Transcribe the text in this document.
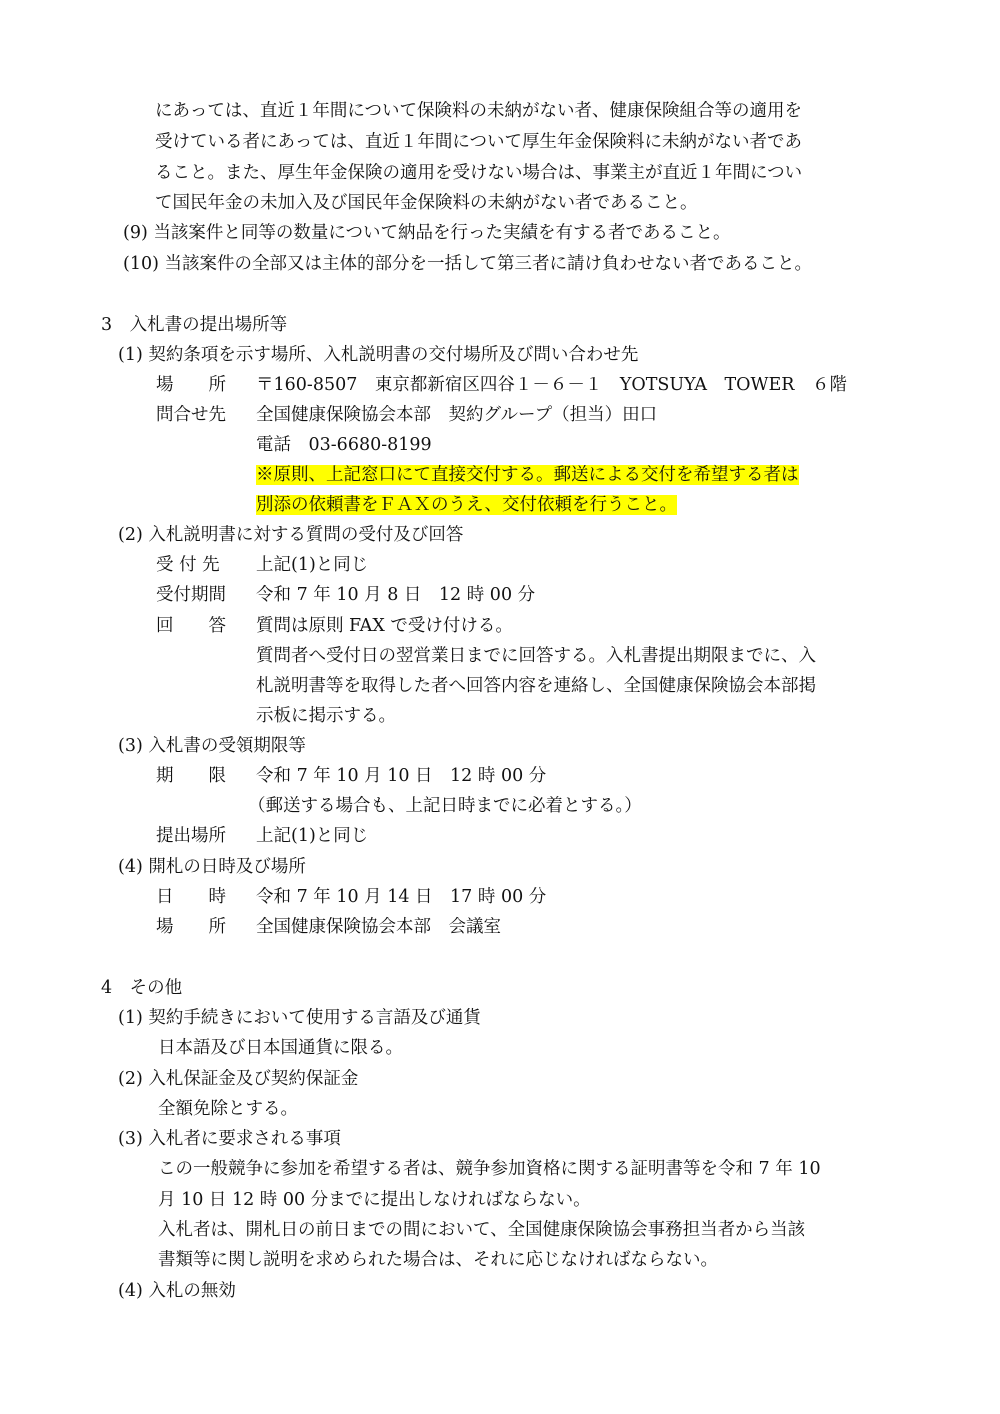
にあっては、直近１年間について保険料の未納がない者、健康保険組合等の適用を
受けている者にあっては、直近１年間について厚生年金保険料に未納がない者であ
ること。また、厚生年金保険の適用を受けない場合は、事業主が直近１年間につい
て国民年金の未加入及び国民年金保険料の未納がない者であること。
(9) 当該案件と同等の数量について納品を行った実績を有する者であること。
(10) 当該案件の全部又は主体的部分を一括して第三者に請け負わせない者であること。
3　入札書の提出場所等
(1) 契約条項を示す場所、入札説明書の交付場所及び問い合わせ先
場　　所 〒160-8507　東京都新宿区四谷１－６－１　YOTSUYA　TOWER　６階
問合せ先 全国健康保険協会本部　契約グループ（担当）田口
電話　03-6680-8199
※原則、上記窓口にて直接交付する。郵送による交付を希望する者は
別添の依頼書をＦＡＸのうえ、交付依頼を行うこと。
(2) 入札説明書に対する質問の受付及び回答
受 付 先 上記(1)と同じ
受付期間 令和 7 年 10 月 8 日　12 時 00 分
回　　答 質問は原則 FAX で受け付ける。
質問者へ受付日の翌営業日までに回答する。入札書提出期限までに、入
札説明書等を取得した者へ回答内容を連絡し、全国健康保険協会本部掲
示板に掲示する。
(3) 入札書の受領期限等
期　　限 令和 7 年 10 月 10 日　12 時 00 分
（郵送する場合も、上記日時までに必着とする。）
提出場所 上記(1)と同じ
(4) 開札の日時及び場所
日　　時 令和 7 年 10 月 14 日　17 時 00 分
場　　所 全国健康保険協会本部　会議室
4　その他
(1) 契約手続きにおいて使用する言語及び通貨
日本語及び日本国通貨に限る。
(2) 入札保証金及び契約保証金
全額免除とする。
(3) 入札者に要求される事項
この一般競争に参加を希望する者は、競争参加資格に関する証明書等を令和 7 年 10
月 10 日 12 時 00 分までに提出しなければならない。
入札者は、開札日の前日までの間において、全国健康保険協会事務担当者から当該
書類等に関し説明を求められた場合は、それに応じなければならない。
(4) 入札の無効
